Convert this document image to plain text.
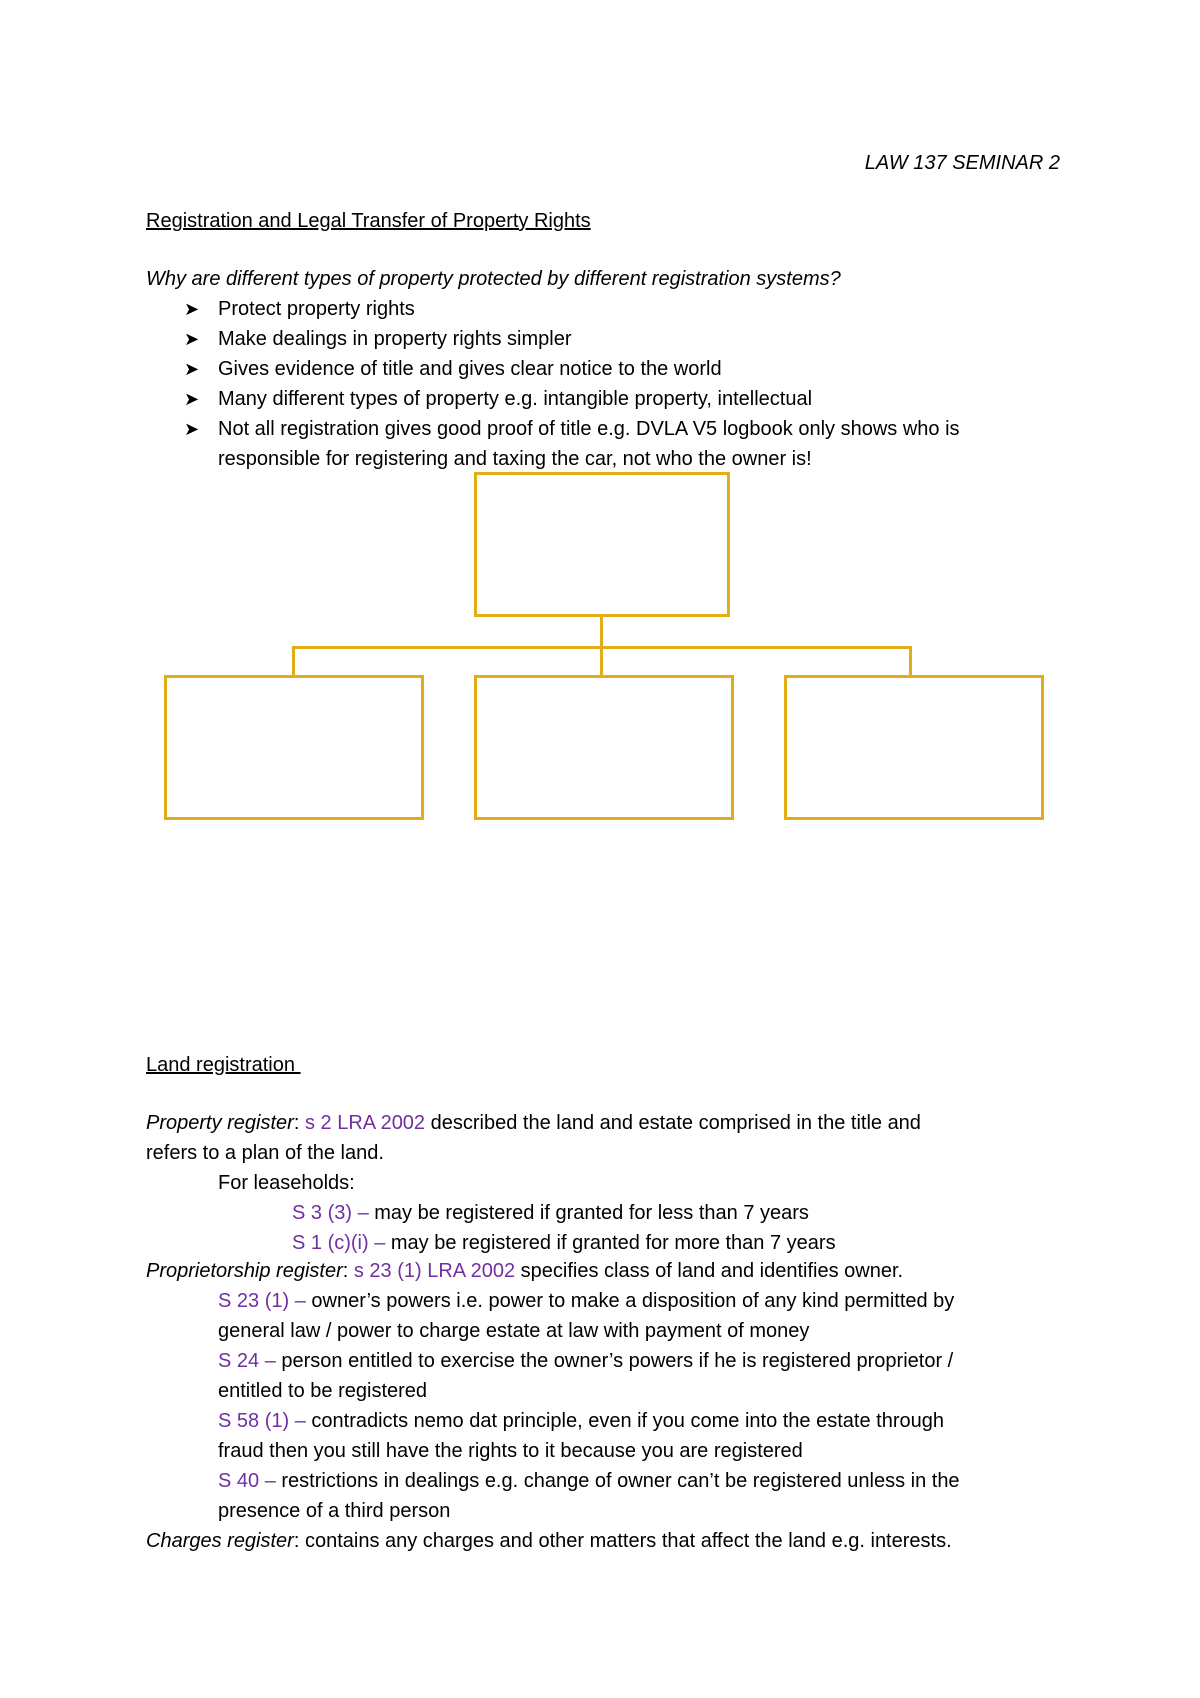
LAW 137 SEMINAR 2
Registration and Legal Transfer of Property Rights
Why are different types of property protected by different registration systems?
➤ Protect property rights
➤ Make dealings in property rights simpler
➤ Gives evidence of title and gives clear notice to the world
➤ Many different types of property e.g. intangible property, intellectual
➤ Not all registration gives good proof of title e.g. DVLA V5 logbook only shows who is
responsible for registering and taxing the car, not who the owner is!
Land registration
Property register: s 2 LRA 2002 described the land and estate comprised in the title and
refers to a plan of the land.
For leaseholds:
S 3 (3) – may be registered if granted for less than 7 years
S 1 (c)(i) – may be registered if granted for more than 7 years
Proprietorship register: s 23 (1) LRA 2002 specifies class of land and identifies owner.
S 23 (1) – owner’s powers i.e. power to make a disposition of any kind permitted by
general law / power to charge estate at law with payment of money
S 24 – person entitled to exercise the owner’s powers if he is registered proprietor /
entitled to be registered
S 58 (1) – contradicts nemo dat principle, even if you come into the estate through
fraud then you still have the rights to it because you are registered
S 40 – restrictions in dealings e.g. change of owner can’t be registered unless in the
presence of a third person
Charges register: contains any charges and other matters that affect the land e.g. interests.
